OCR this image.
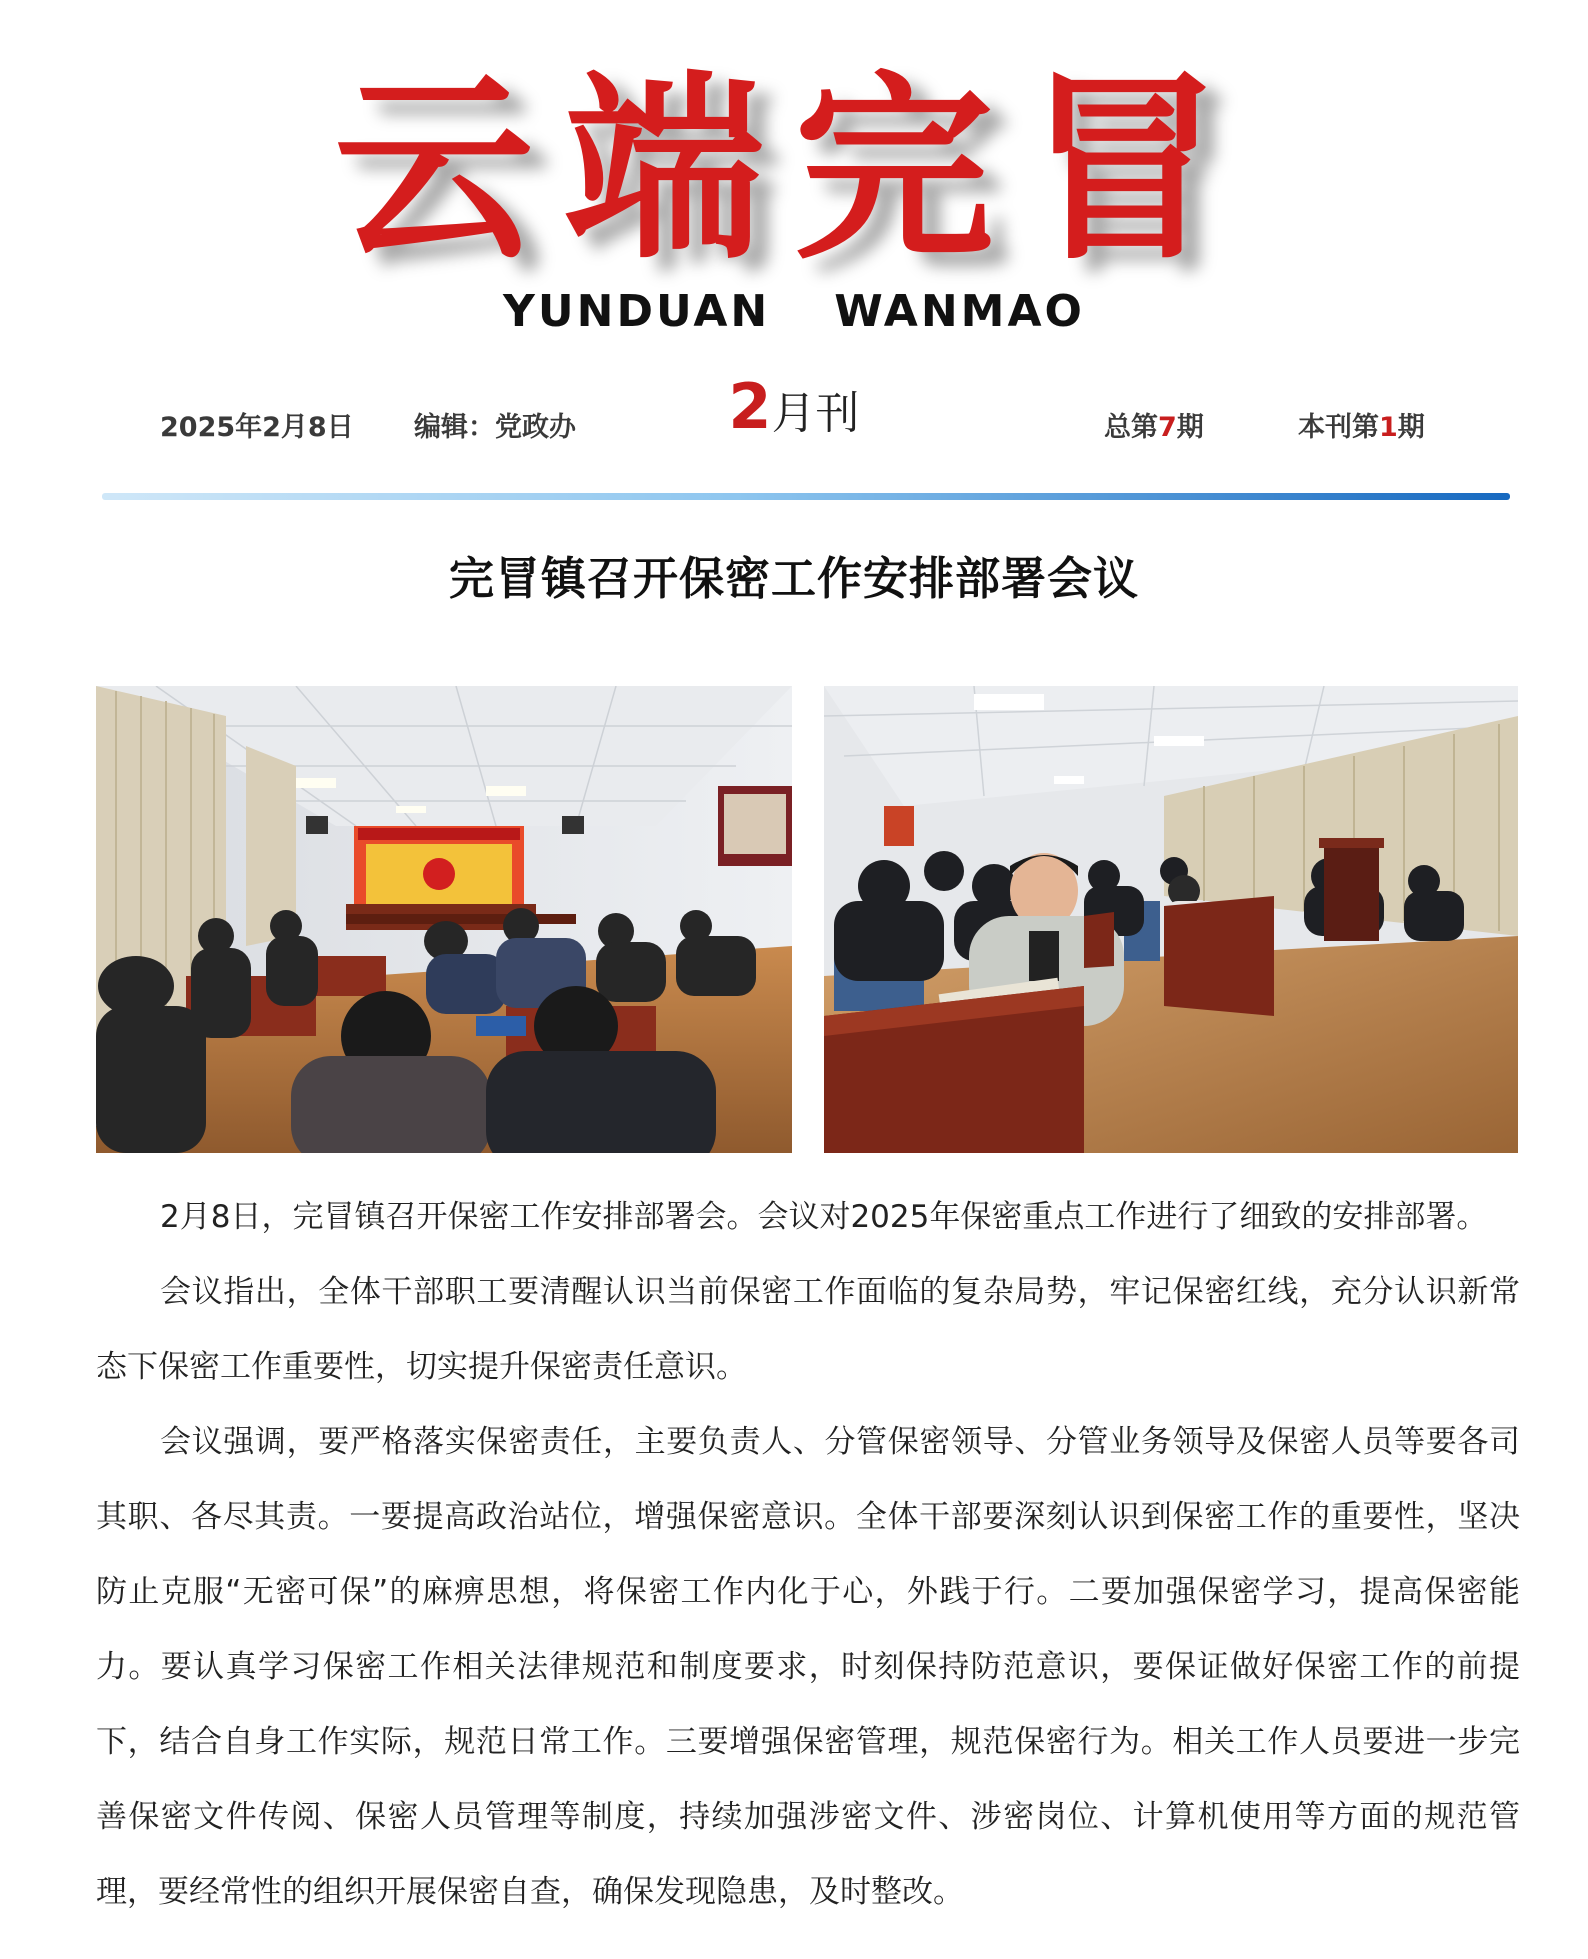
云端完冒
YUNDUAN WANMAO
2025年2月8日 编辑：党政办	2月刊	总第7期	本刊第1期
完冒镇召开保密工作安排部署会议

2月8日，完冒镇召开保密工作安排部署会。会议对2025年保密重点工作进行了细致的安排部署。

会议指出，全体干部职工要清醒认识当前保密工作面临的复杂局势，牢记保密红线，充分认识新常态下保密工作重要性，切实提升保密责任意识。

会议强调，要严格落实保密责任，主要负责人、分管保密领导、分管业务领导及保密人员等要各司其职、各尽其责。一要提高政治站位，增强保密意识。全体干部要深刻认识到保密工作的重要性，坚决防止克服“无密可保”的麻痹思想，将保密工作内化于心，外践于行。二要加强保密学习，提高保密能力。要认真学习保密工作相关法律规范和制度要求，时刻保持防范意识，要保证做好保密工作的前提下，结合自身工作实际，规范日常工作。三要增强保密管理，规范保密行为。相关工作人员要进一步完善保密文件传阅、保密人员管理等制度，持续加强涉密文件、涉密岗位、计算机使用等方面的规范管理，要经常性的组织开展保密自查，确保发现隐患，及时整改。
